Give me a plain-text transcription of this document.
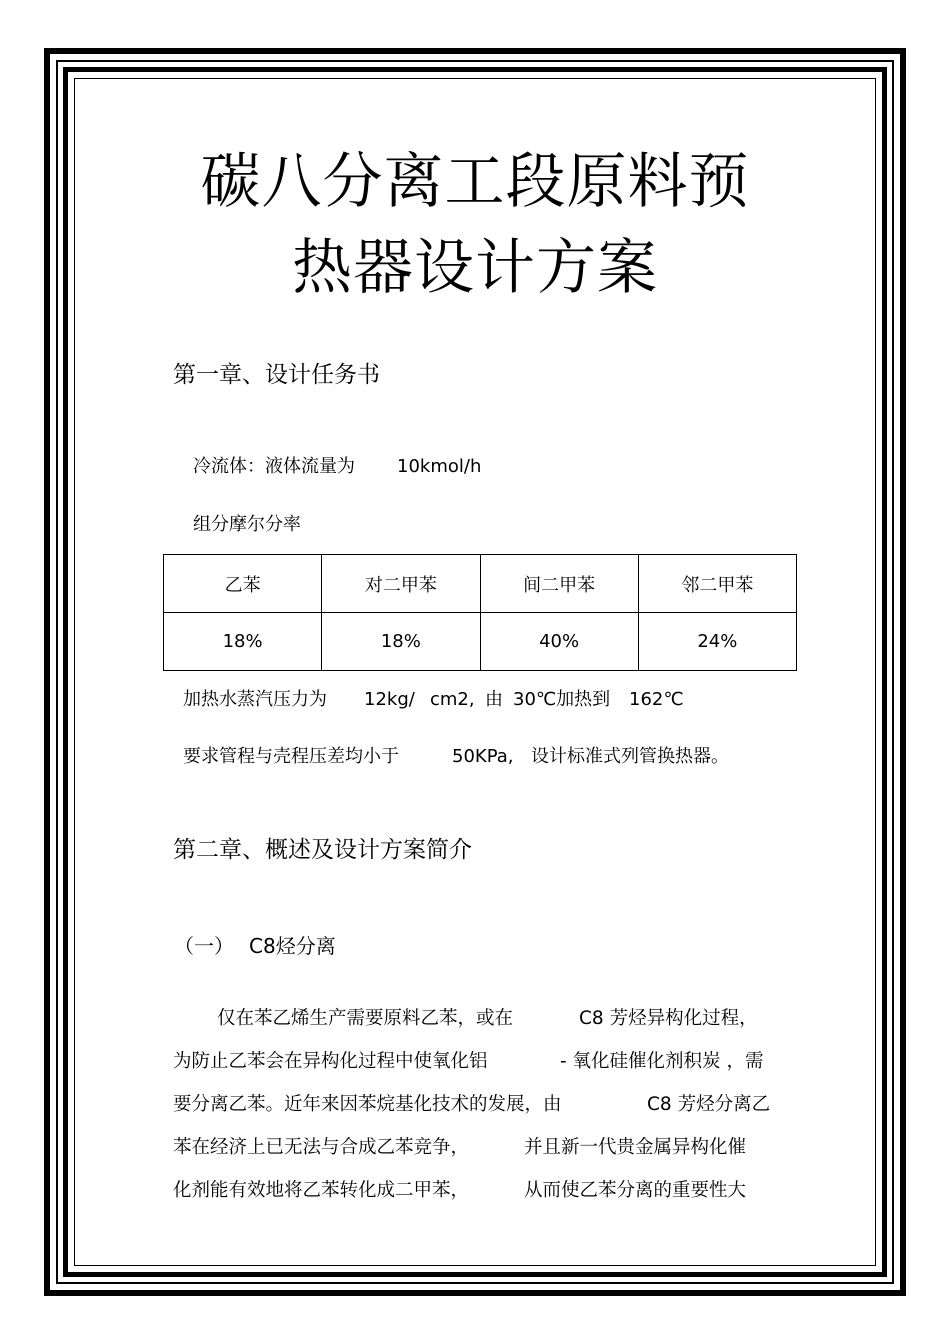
碳八分离工段原料预
热器设计方案
第一章、设计任务书
冷流体：液体流量为 10kmol/h
组分摩尔分率
乙苯	对二甲苯	间二甲苯	邻二甲苯
18%	18%	40%	24%
加热水蒸汽压力为 12kg/ cm2, 由 30℃加热到 162℃
要求管程与壳程压差均小于	50KPa, 设计标准式列管换热器。
第二章、概述及设计方案简介
（一） C8烃分离
仅在苯乙烯生产需要原料乙苯，或在	C8 芳烃异构化过程，
为防止乙苯会在异构化过程中使氧化铝	- 氧化硅催化剂积炭 ，需
要分离乙苯。近年来因苯烷基化技术的发展，由	C8 芳烃分离乙
苯在经济上已无法与合成乙苯竞争，	并且新一代贵金属异构化催
化剂能有效地将乙苯转化成二甲苯，	从而使乙苯分离的重要性大
